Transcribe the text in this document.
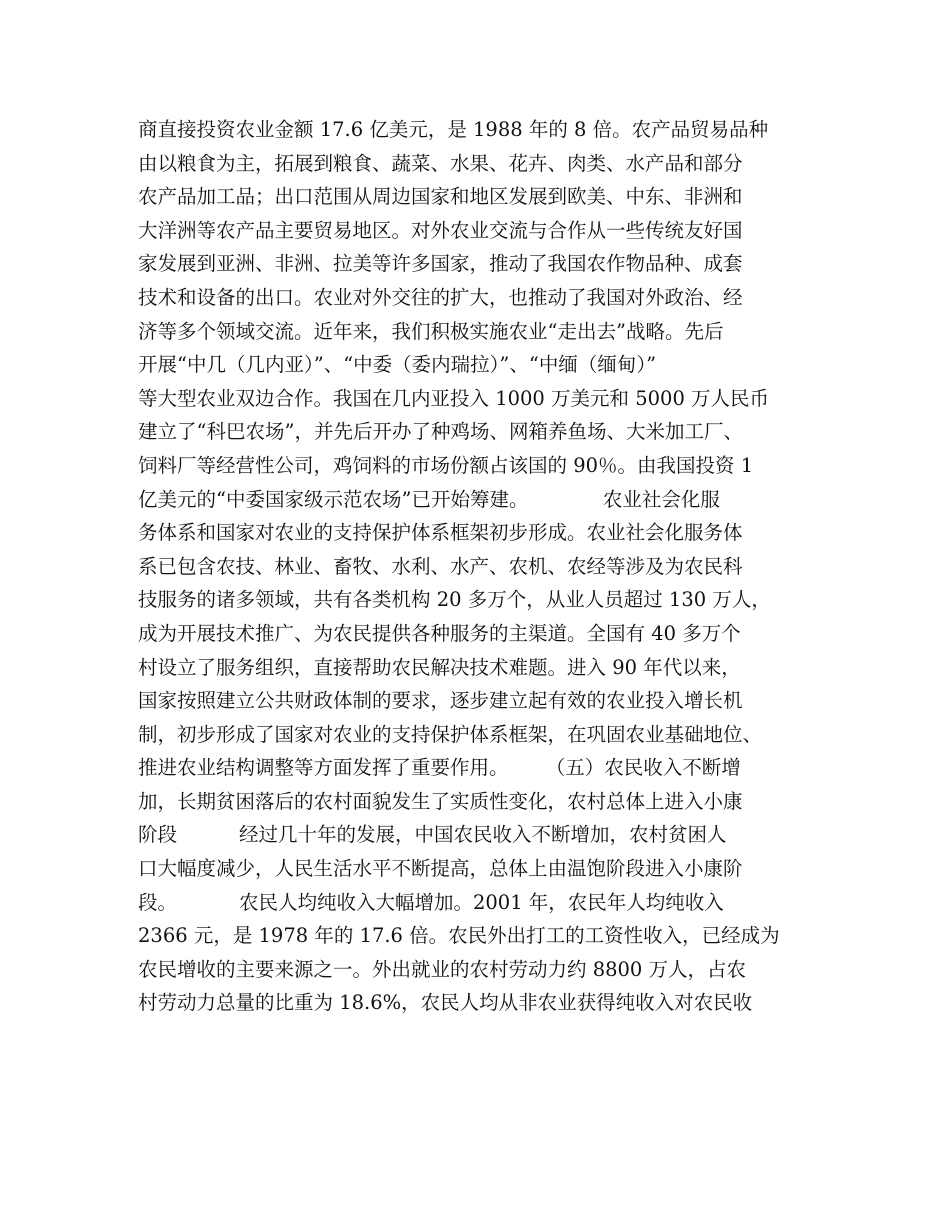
商直接投资农业金额 17.6 亿美元，是 1988 年的 8 倍。农产品贸易品种
由以粮食为主，拓展到粮食、蔬菜、水果、花卉、肉类、水产品和部分
农产品加工品；出口范围从周边国家和地区发展到欧美、中东、非洲和
大洋洲等农产品主要贸易地区。对外农业交流与合作从一些传统友好国
家发展到亚洲、非洲、拉美等许多国家，推动了我国农作物品种、成套
技术和设备的出口。农业对外交往的扩大，也推动了我国对外政治、经
济等多个领域交流。近年来，我们积极实施农业“走出去”战略。先后
开展“中几（几内亚）”、“中委（委内瑞拉）”、“中缅（缅甸）”
等大型农业双边合作。我国在几内亚投入 1000 万美元和 5000 万人民币
建立了“科巴农场”，并先后开办了种鸡场、网箱养鱼场、大米加工厂、
饲料厂等经营性公司，鸡饲料的市场份额占该国的 90％。由我国投资 1
亿美元的“中委国家级示范农场”已开始筹建。            农业社会化服
务体系和国家对农业的支持保护体系框架初步形成。农业社会化服务体
系已包含农技、林业、畜牧、水利、水产、农机、农经等涉及为农民科
技服务的诸多领域，共有各类机构 20 多万个，从业人员超过 130 万人，
成为开展技术推广、为农民提供各种服务的主渠道。全国有 40 多万个
村设立了服务组织，直接帮助农民解决技术难题。进入 90 年代以来，
国家按照建立公共财政体制的要求，逐步建立起有效的农业投入增长机
制，初步形成了国家对农业的支持保护体系框架，在巩固农业基础地位、
推进农业结构调整等方面发挥了重要作用。      （五）农民收入不断增
加，长期贫困落后的农村面貌发生了实质性变化，农村总体上进入小康
阶段          经过几十年的发展，中国农民收入不断增加，农村贫困人
口大幅度减少，人民生活水平不断提高，总体上由温饱阶段进入小康阶
段。          农民人均纯收入大幅增加。2001 年，农民年人均纯收入
2366 元，是 1978 年的 17.6 倍。农民外出打工的工资性收入，已经成为
农民增收的主要来源之一。外出就业的农村劳动力约 8800 万人，占农
村劳动力总量的比重为 18.6%，农民人均从非农业获得纯收入对农民收
